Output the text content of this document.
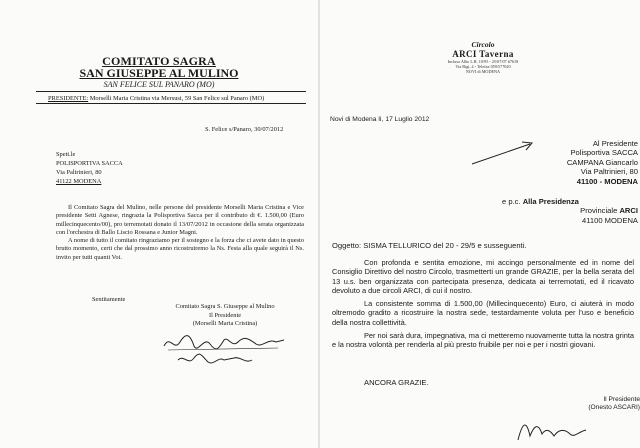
COMITATO SAGRA
SAN GIUSEPPE AL MULINO
SAN FELICE SUL PANARO (MO)
PRESIDENTE: Morselli Maria Cristina via Mersusi, 59 San Felice sul Panaro (MO)
S. Felice s/Panaro, 30/07/2012
Spett.le
POLISPORTIVA SACCA
Via Paltrinieri, 80
41122 MODENA

Il Comitato Sagra del Mulino, nelle persone del presidente Morselli Maria Cristina e Vice presidente Setti Agnese, ringrazia la Polisportiva Sacca per il contributo di €. 1.500,00 (Euro millecinquecento/00), pro terremotati donato il 13/07/2012 in occasione della serata organizzata con l'orchestra di Ballo Liscio Rossana e Junior Magni.

A nome di tutto il comitato ringraziamo per il sostegno e la forza che ci avete dato in questo brutto momento, certi che dal prossimo anno ricostruiremo la Ns. Festa alla quale seguirà il Ns. invito per tutti quanti Voi.

Sentitamente
Comitato Sagra S. Giuseppe al Mulino
Il Presidente
(Morselli Maria Cristina)
Circolo
ARCI Taverna
Incluso Albo L.R. 10/95 - 25/07/07 #7618
Via Bigi, 4 - Telefax 059/577020
NOVI di MODENA
Novi di Modena lì, 17 Luglio 2012
Al Presidente
Polisportiva SACCA
CAMPANA Giancarlo
Via Paltrinieri, 80
41100 - MODENA
e p.c. Alla Presidenza
Provinciale ARCI
41100 MODENA
Oggetto: SISMA TELLURICO del 20 - 29/5 e susseguenti.

Con profonda e sentita emozione, mi accingo personalmente ed in nome del Consiglio Direttivo del nostro Circolo, trasmetterti un grande GRAZIE, per la bella serata del 13 u.s. ben organizzata con partecipata presenza, dedicata ai terremotati, ed il ricavato devoluto a due circoli ARCI, di cui il nostro.

La consistente somma di 1.500,00 (Millecinquecento) Euro, ci aiuterà in modo oltremodo gradito a ricostruire la nostra sede, testardamente voluta per l'uso e beneficio della nostra collettività.

Per noi sarà dura, impegnativa, ma ci metteremo nuovamente tutta la nostra grinta e la nostra volontà per renderla al più presto fruibile per noi e per i nostri giovani.

ANCORA GRAZIE.
Il Presidente
(Onesto ASCARI)
